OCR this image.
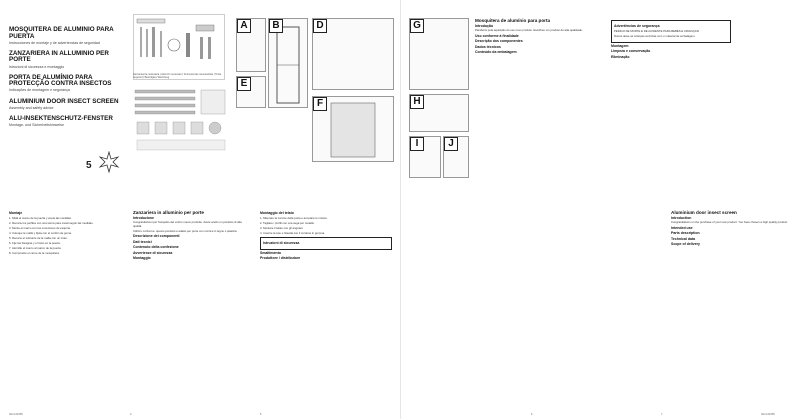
MOSQUITERA DE ALUMINIO PARA PUERTA
Instrucciones de montaje y de advertencias de seguridad
ZANZARIERA IN ALLUMINIO PER PORTE
Istruzioni di sicurezza e montaggio
PORTA DE ALUMÍNIO PARA PROTECÇÃO CONTRA INSECTOS
Indicações de montagem e segurança
ALUMINIUM DOOR INSECT SCREEN
Assembly and safety advice
ALU-INSEKTENSCHUTZ-FENSTER
Montage- und Sicherheitshinweise
5
Herramienta necesaria | Attrezzi necessari | Ferramentas necessárias | Tools required | Benötigtes Werkzeug
A	B	D
E
F
Montaje

1. Mida el marco de la puerta y anote las medidas.

2. Recorte los perfiles con una sierra para metal según las medidas.

3. Monte el marco con los conectores de esquina.

4. Coloque la malla y fíjela con el cordón de goma.

5. Recorte el sobrante de la malla con un cúter.

6. Fije las bisagras y el imán en la puerta.

7. Atornille el marco al marco de la puerta.

8. Compruebe el cierre de la mosquitera.

Zanzariera in alluminio per porte
Introduzione

Congratulazioni per l'acquisto del vostro nuovo prodotto. Avete scelto un prodotto di alta qualità.

Utilizzo conforme: questo prodotto è adatto per porte con cornice in legno o plastica.

Descrizione dei componenti

Dati tecnici

Contenuto della confezione

Avvertenze di sicurezza

Montaggio

Montaggio del telaio

1. Misurare la cornice della porta e annotare le misure.

2. Tagliare i profili con una sega per metallo.

3. Montare il telaio con gli angolari.

4. Inserire la rete e fissarla con il cordone in gomma.

Istruzioni di sicurezza

Smaltimento

Produttore / distributore

IAN 123456	4	5
G
H
I	J
Mosquitera de alumínio para porta
Introdução

Parabéns pela aquisição do seu novo produto. Escolheu um produto de alta qualidade.

Uso conforme à finalidade

Descrição dos componentes

Dados técnicos

Conteúdo da embalagem

Advertências de segurança

PERIGO DE MORTE E DE ACIDENTE PARA BEBÉS E CRIANÇAS!

Nunca deixe as crianças sozinhas com o material de embalagem.

Montagem

Limpeza e conservação

Eliminação

Aluminium door insect screen
Introduction

Congratulations on the purchase of your new product. You have chosen a high quality product.

Intended use

Parts description

Technical data

Scope of delivery

6	7	IAN 123456
